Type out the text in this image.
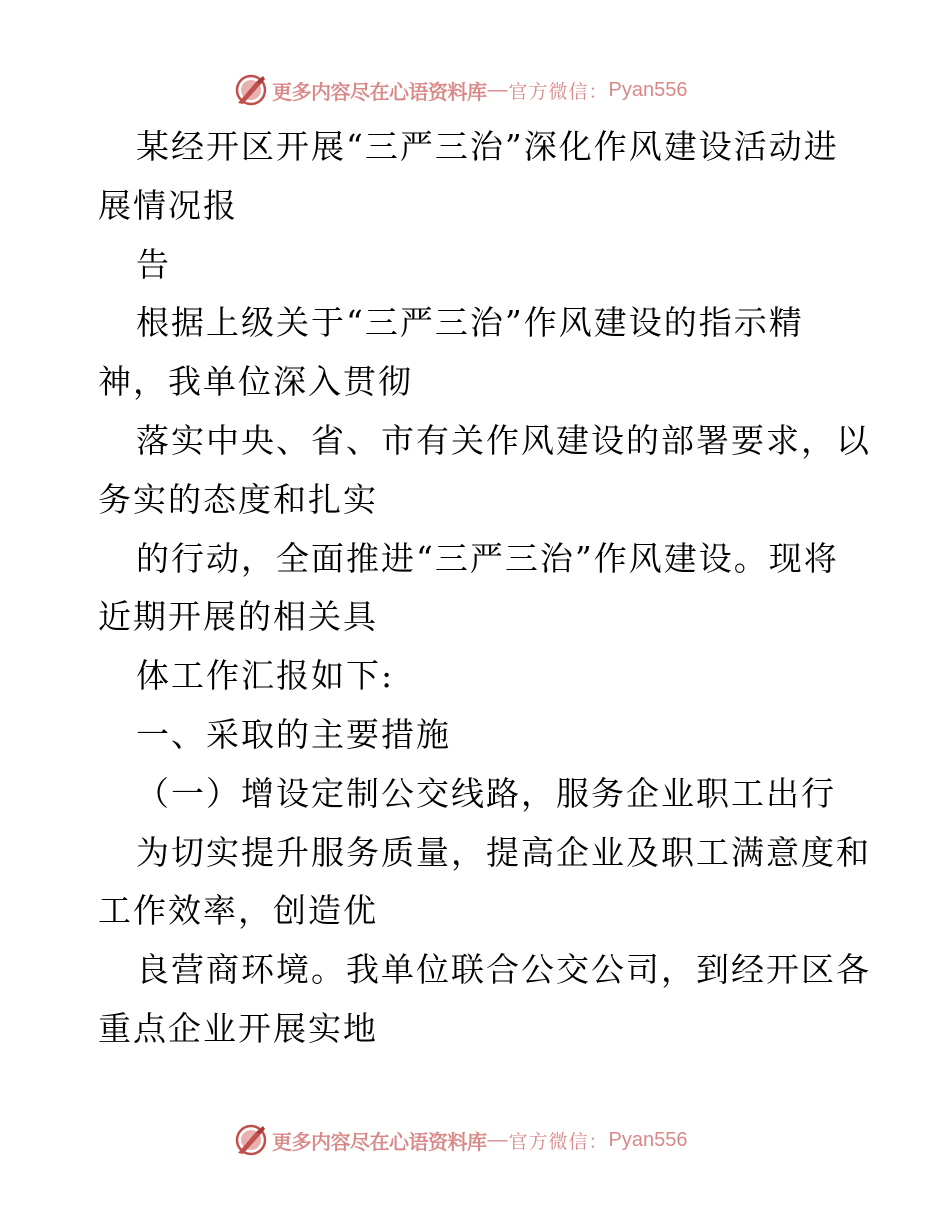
更多内容尽在心语资料库 — 官方微信： Pyan556
某经开区开展“三严三治”深化作风建设活动进
展情况报
告
根据上级关于“三严三治”作风建设的指示精
神，我单位深入贯彻
落实中央、省、市有关作风建设的部署要求，以
务实的态度和扎实
的行动，全面推进“三严三治”作风建设。现将
近期开展的相关具
体工作汇报如下:
一、采取的主要措施
（一）增设定制公交线路，服务企业职工出行
为切实提升服务质量，提高企业及职工满意度和
工作效率，创造优
良营商环境。我单位联合公交公司，到经开区各
重点企业开展实地
更多内容尽在心语资料库 — 官方微信： Pyan556
